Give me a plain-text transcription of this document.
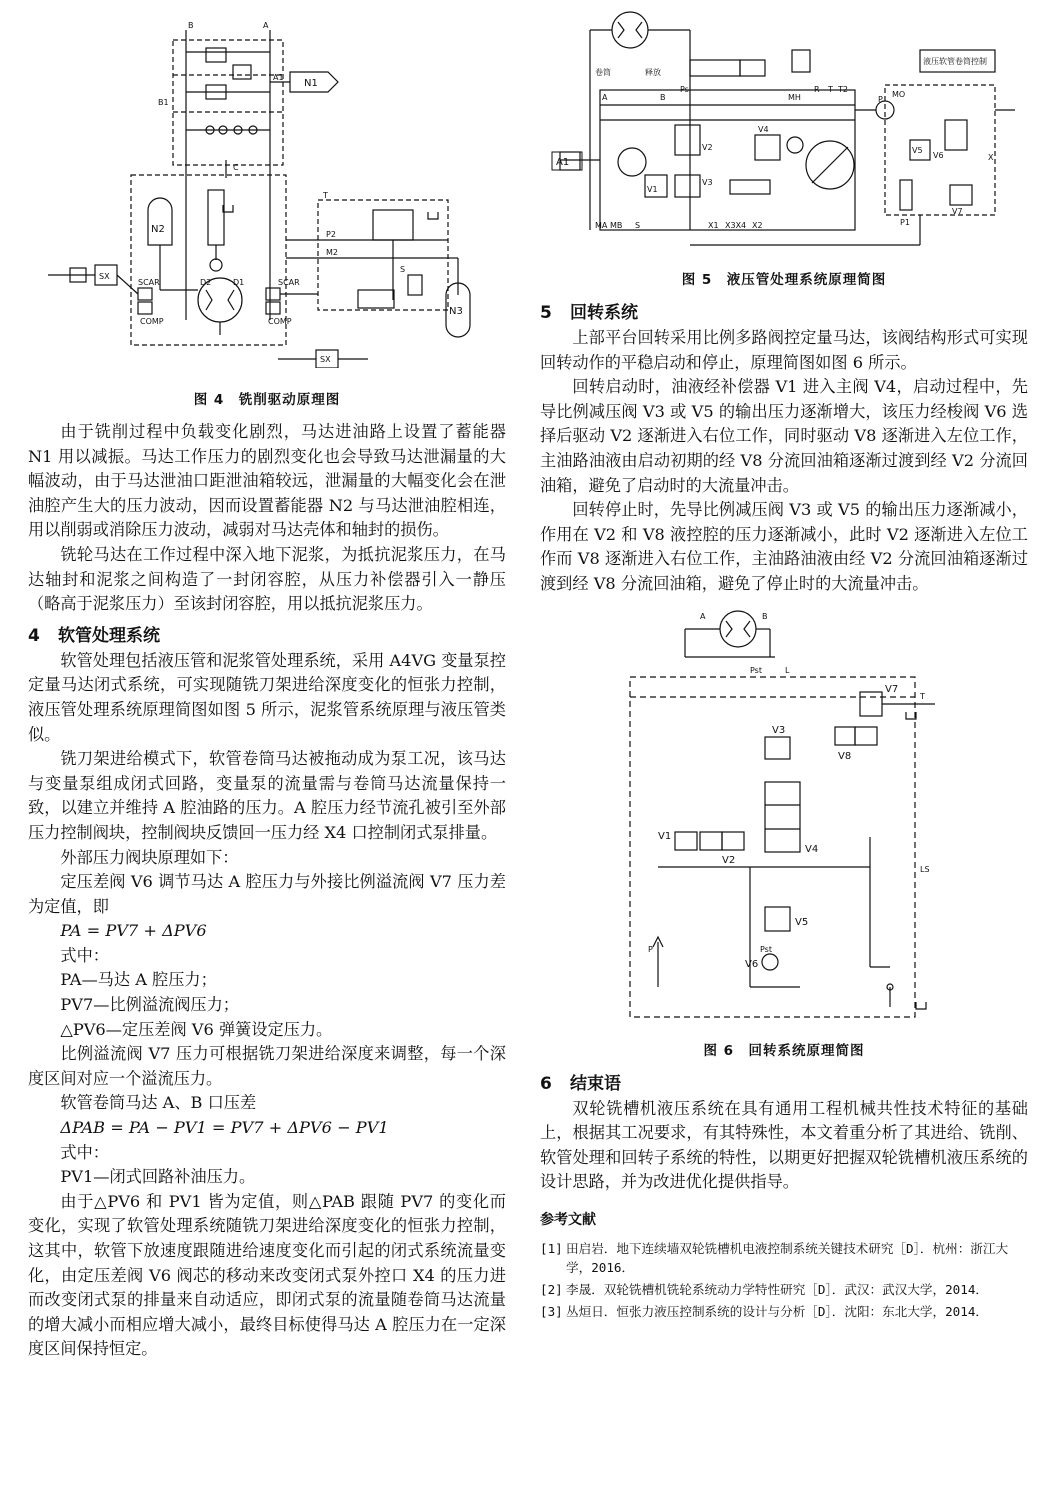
B	A
A1
B1
C
N1
N2
N3
SX
SX
SCAR	SCAR
COMP	COMP
D2	D1
T
P2
M2
S
图 4　铣削驱动原理图

由于铣削过程中负载变化剧烈，马达进油路上设置了蓄能器 N1 用以减振。马达工作压力的剧烈变化也会导致马达泄漏量的大幅波动，由于马达泄油口距泄油箱较远，泄漏量的大幅变化会在泄油腔产生大的压力波动，因而设置蓄能器 N2 与马达泄油腔相连，用以削弱或消除压力波动，减弱对马达壳体和轴封的损伤。

铣轮马达在工作过程中深入地下泥浆，为抵抗泥浆压力，在马达轴封和泥浆之间构造了一封闭容腔，从压力补偿器引入一静压（略高于泥浆压力）至该封闭容腔，用以抵抗泥浆压力。

4 软管处理系统

软管处理包括液压管和泥浆管处理系统，采用 A4VG 变量泵控定量马达闭式系统，可实现随铣刀架进给深度变化的恒张力控制，液压管处理系统原理简图如图 5 所示，泥浆管系统原理与液压管类似。

铣刀架进给模式下，软管卷筒马达被拖动成为泵工况，该马达与变量泵组成闭式回路，变量泵的流量需与卷筒马达流量保持一致，以建立并维持 A 腔油路的压力。A 腔压力经节流孔被引至外部压力控制阀块，控制阀块反馈回一压力经 X4 口控制闭式泵排量。

外部压力阀块原理如下：

定压差阀 V6 调节马达 A 腔压力与外接比例溢流阀 V7 压力差为定值，即

PA = PV7 + ΔPV6

式中：

PA—马达 A 腔压力；

PV7—比例溢流阀压力；

△PV6—定压差阀 V6 弹簧设定压力。

比例溢流阀 V7 压力可根据铣刀架进给深度来调整，每一个深度区间对应一个溢流压力。

软管卷筒马达 A、B 口压差

ΔPAB = PA − PV1 = PV7 + ΔPV6 − PV1

式中：

PV1—闭式回路补油压力。

由于△PV6 和 PV1 皆为定值，则△PAB 跟随 PV7 的变化而变化，实现了软管处理系统随铣刀架进给深度变化的恒张力控制，这其中，软管下放速度跟随进给速度变化而引起的闭式系统流量变化，由定压差阀 V6 阀芯的移动来改变闭式泵外控口 X4 的压力进而改变闭式泵的排量来自动适应，即闭式泵的流量随卷筒马达流量的增大减小而相应增大减小，最终目标使得马达 A 腔压力在一定深度区间保持恒定。

A1
液压软管卷筒控制
卷筒	释放
A	B
Ps
MH
R T T2
V1
V2
V3
V4
V5
V6
V7
MA MB S	X1 X3X4 X2
P
MO
X
P1
图 5　液压管处理系统原理简图
5 回转系统

上部平台回转采用比例多路阀控定量马达，该阀结构形式可实现回转动作的平稳启动和停止，原理简图如图 6 所示。

回转启动时，油液经补偿器 V1 进入主阀 V4，启动过程中，先导比例减压阀 V3 或 V5 的输出压力逐渐增大，该压力经梭阀 V6 选择后驱动 V2 逐渐进入右位工作，同时驱动 V8 逐渐进入左位工作，主油路油液由启动初期的经 V8 分流回油箱逐渐过渡到经 V2 分流回油箱，避免了启动时的大流量冲击。

回转停止时，先导比例减压阀 V3 或 V5 的输出压力逐渐减小，作用在 V2 和 V8 液控腔的压力逐渐减小，此时 V2 逐渐进入左位工作而 V8 逐渐进入右位工作，主油路油液由经 V2 分流回油箱逐渐过渡到经 V8 分流回油箱，避免了停止时的大流量冲击。

A	B
Pst	L
V7
T
V3
V8
V1
V2
V4
LS
V5
P	Pst
V6
图 6　回转系统原理简图
6 结束语

双轮铣槽机液压系统在具有通用工程机械共性技术特征的基础上，根据其工况要求，有其特殊性，本文着重分析了其进给、铣削、软管处理和回转子系统的特性，以期更好把握双轮铣槽机液压系统的设计思路，并为改进优化提供指导。

参考文献
[1] 田启岩．地下连续墙双轮铣槽机电液控制系统关键技术研究［D］．杭州：浙江大学，2016．
[2] 李晟．双轮铣槽机铣轮系统动力学特性研究［D］．武汉：武汉大学，2014．
[3] 丛烜日．恒张力液压控制系统的设计与分析［D］．沈阳：东北大学，2014．
